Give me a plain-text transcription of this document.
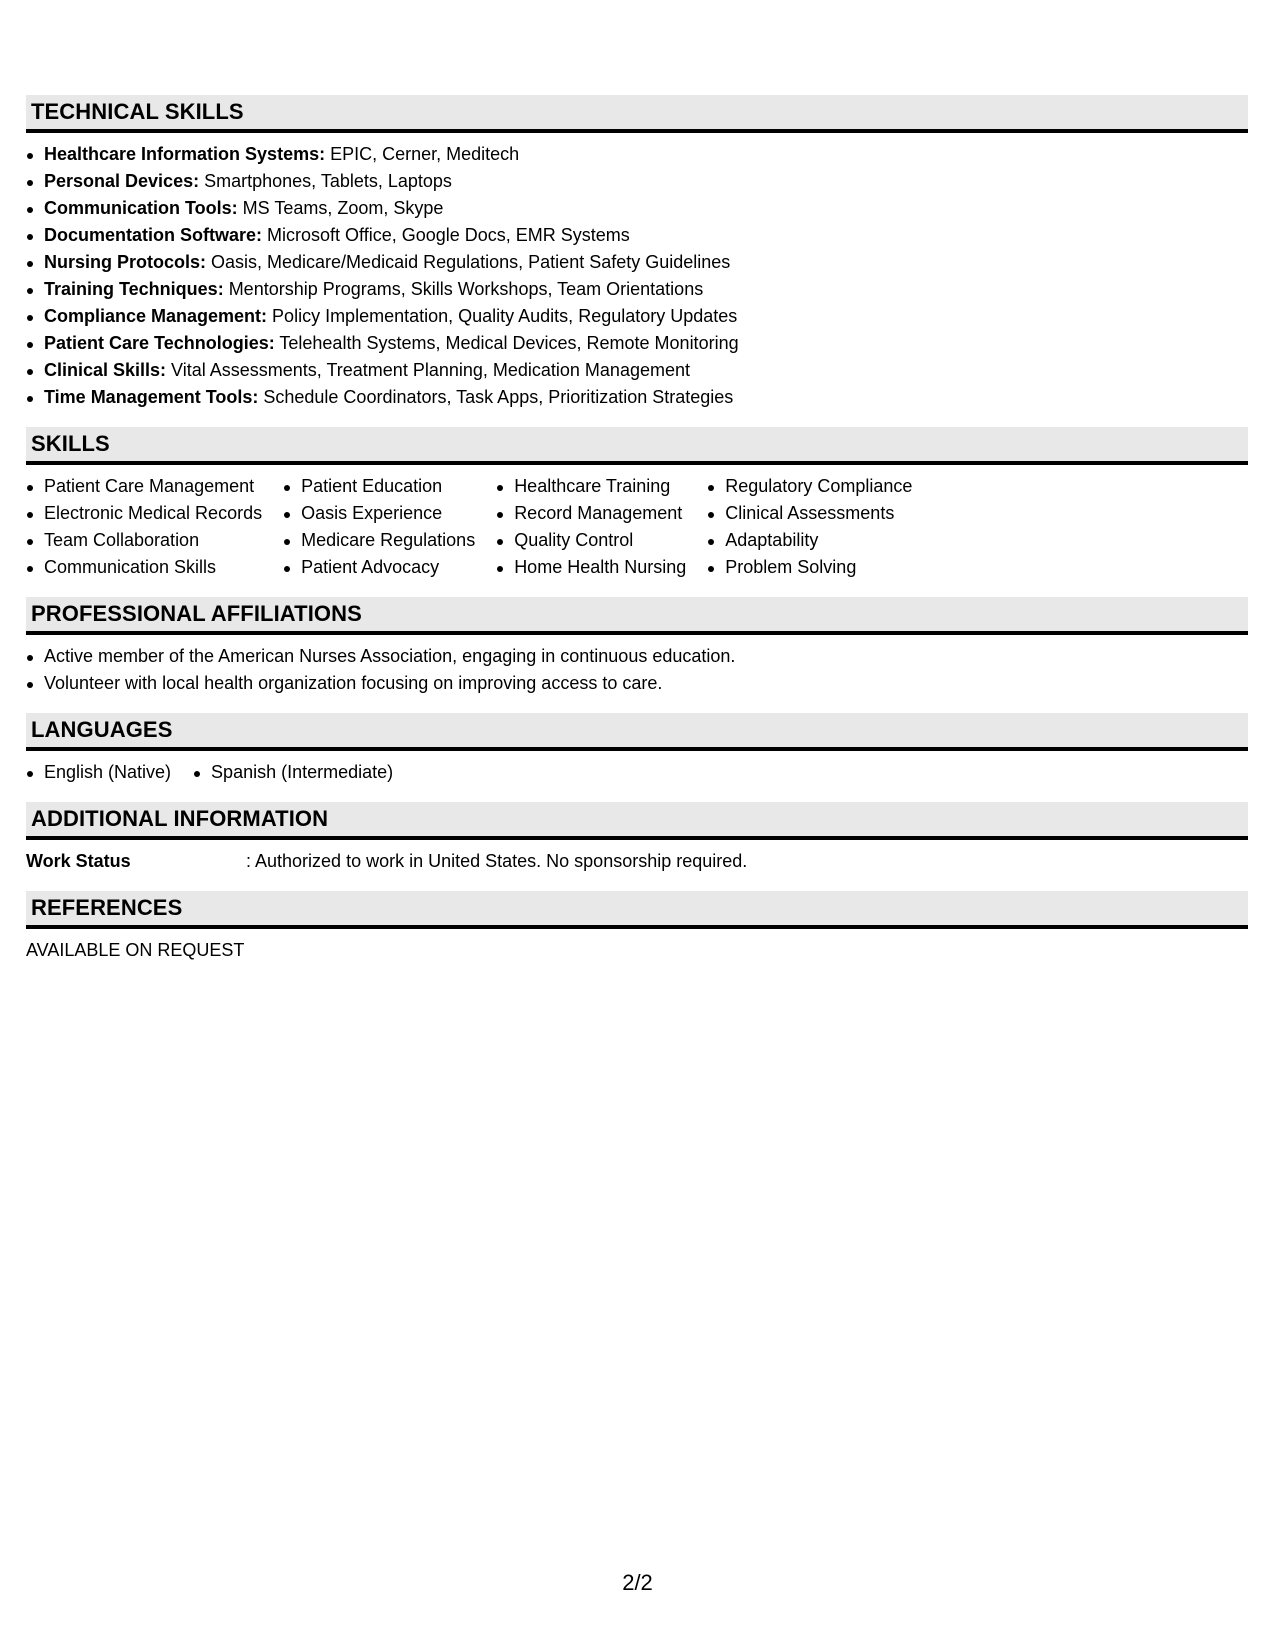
TECHNICAL SKILLS
Healthcare Information Systems: EPIC, Cerner, Meditech
Personal Devices: Smartphones, Tablets, Laptops
Communication Tools: MS Teams, Zoom, Skype
Documentation Software: Microsoft Office, Google Docs, EMR Systems
Nursing Protocols: Oasis, Medicare/Medicaid Regulations, Patient Safety Guidelines
Training Techniques: Mentorship Programs, Skills Workshops, Team Orientations
Compliance Management: Policy Implementation, Quality Audits, Regulatory Updates
Patient Care Technologies: Telehealth Systems, Medical Devices, Remote Monitoring
Clinical Skills: Vital Assessments, Treatment Planning, Medication Management
Time Management Tools: Schedule Coordinators, Task Apps, Prioritization Strategies
SKILLS
Patient Care Management
Electronic Medical Records
Team Collaboration
Communication Skills
Patient Education
Oasis Experience
Medicare Regulations
Patient Advocacy
Healthcare Training
Record Management
Quality Control
Home Health Nursing
Regulatory Compliance
Clinical Assessments
Adaptability
Problem Solving
PROFESSIONAL AFFILIATIONS
Active member of the American Nurses Association, engaging in continuous education.
Volunteer with local health organization focusing on improving access to care.
LANGUAGES
English (Native)	Spanish (Intermediate)
ADDITIONAL INFORMATION
Work Status	: Authorized to work in United States. No sponsorship required.
REFERENCES
AVAILABLE ON REQUEST
2/2
